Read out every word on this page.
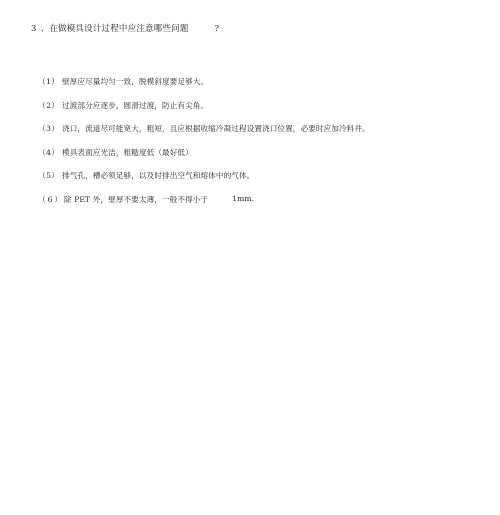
3 、在做模具设计过程中应注意哪些问题	?
（1） 壁厚应尽量均匀一致，脱模斜度要足够大。
（2） 过渡部分应逐步，圆滑过渡，防止有尖角。
（3） 浇口，流道尽可能宽大，粗短，且应根据收缩冷凝过程设置浇口位置，必要时应加冷料井。
（4） 模具表面应光洁，粗糙度低（最好低）
（5） 排气孔，槽必须足够，以及时排出空气和熔体中的气体。
（6） 除 PET 外，壁厚不要太薄，一般不得小于	1mm.
